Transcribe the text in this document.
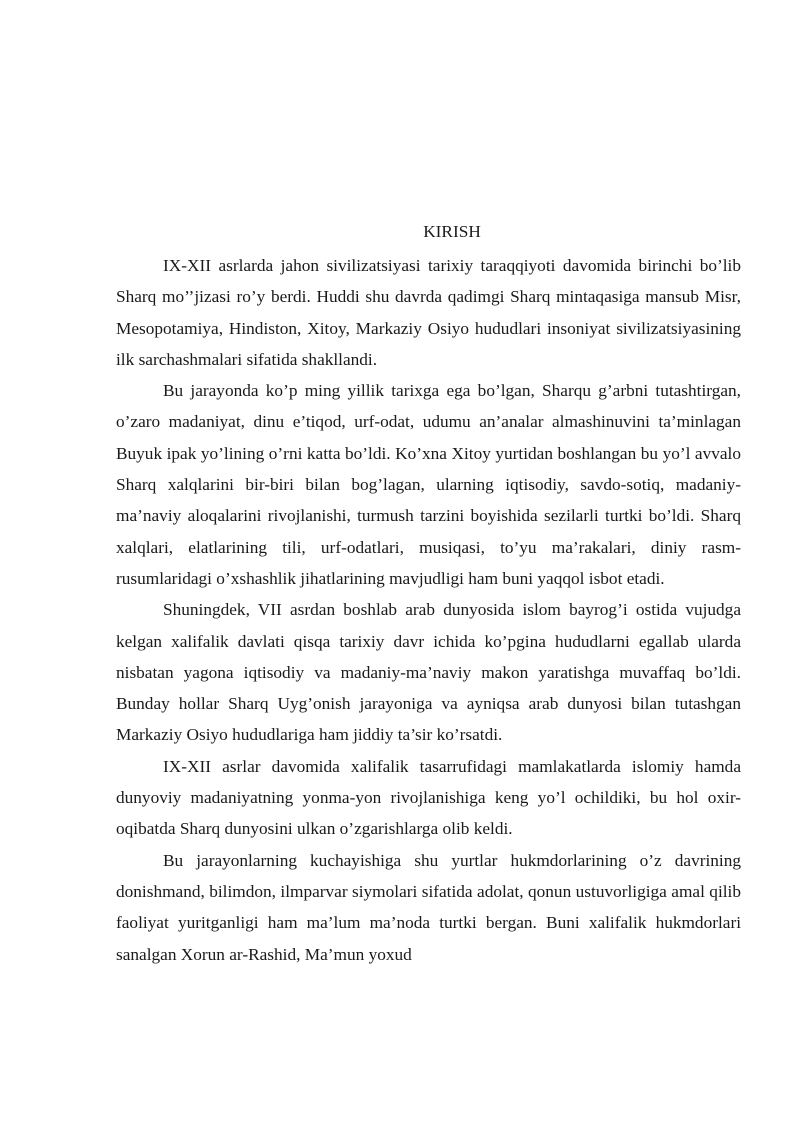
KIRISH

IX-XII asrlarda jahon sivilizatsiyasi tarixiy taraqqiyoti davomida birinchi bo’lib Sharq mo’’jizasi ro’y berdi. Huddi shu davrda qadimgi Sharq mintaqasiga mansub Misr, Mesopotamiya, Hindiston, Xitoy, Markaziy Osiyo hududlari insoniyat sivilizatsiyasining ilk sarchashmalari sifatida shakllandi.

Bu jarayonda ko’p ming yillik tarixga ega bo’lgan, Sharqu g’arbni tutashtirgan, o’zaro madaniyat, dinu e’tiqod, urf-odat, udumu an’analar almashinuvini ta’minlagan Buyuk ipak yo’lining o’rni katta bo’ldi. Ko’xna Xitoy yurtidan boshlangan bu yo’l avvalo Sharq xalqlarini bir-biri bilan bog’lagan, ularning iqtisodiy, savdo-sotiq, madaniy-ma’naviy aloqalarini rivojlanishi, turmush tarzini boyishida sezilarli turtki bo’ldi. Sharq xalqlari, elatlarining tili, urf-odatlari, musiqasi, to’yu ma’rakalari, diniy rasm-rusumlaridagi o’xshashlik jihatlarining mavjudligi ham buni yaqqol isbot etadi.

Shuningdek, VII asrdan boshlab arab dunyosida islom bayrog’i ostida vujudga kelgan xalifalik davlati qisqa tarixiy davr ichida ko’pgina hududlarni egallab ularda nisbatan yagona iqtisodiy va madaniy-ma’naviy makon yaratishga muvaffaq bo’ldi. Bunday hollar Sharq Uyg’onish jarayoniga va ayniqsa arab dunyosi bilan tutashgan Markaziy Osiyo hududlariga ham jiddiy ta’sir ko’rsatdi.

IX-XII asrlar davomida xalifalik tasarrufidagi mamlakatlarda islomiy hamda dunyoviy madaniyatning yonma-yon rivojlanishiga keng yo’l ochildiki, bu hol oxir-oqibatda Sharq dunyosini ulkan o’zgarishlarga olib keldi.

Bu jarayonlarning kuchayishiga shu yurtlar hukmdorlarining o’z davrining donishmand, bilimdon, ilmparvar siymolari sifatida adolat, qonun ustuvorligiga amal qilib faoliyat yuritganligi ham ma’lum ma’noda turtki bergan. Buni xalifalik hukmdorlari sanalgan Xorun ar-Rashid, Ma’mun yoxud
